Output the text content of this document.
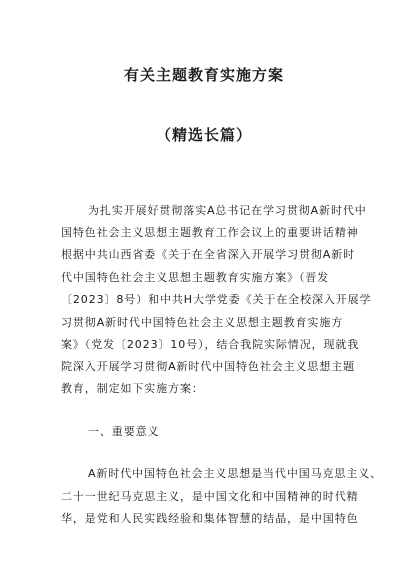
有关主题教育实施方案
（精选长篇）
为扎实开展好贯彻落实A总书记在学习贯彻A新时代中
国特色社会主义思想主题教育工作会议上的重要讲话精神
根据中共山西省委《关于在全省深入开展学习贯彻A新时
代中国特色社会主义思想主题教育实施方案》（晋发
〔2023〕8号）和中共H大学党委《关于在全校深入开展学
习贯彻A新时代中国特色社会主义思想主题教育实施方
案》（党发〔2023〕10号），结合我院实际情况，现就我
院深入开展学习贯彻A新时代中国特色社会主义思想主题
教育，制定如下实施方案：
一、重要意义
A新时代中国特色社会主义思想是当代中国马克思主义、
二十一世纪马克思主义，是中国文化和中国精神的时代精
华，是党和人民实践经验和集体智慧的结晶，是中国特色
